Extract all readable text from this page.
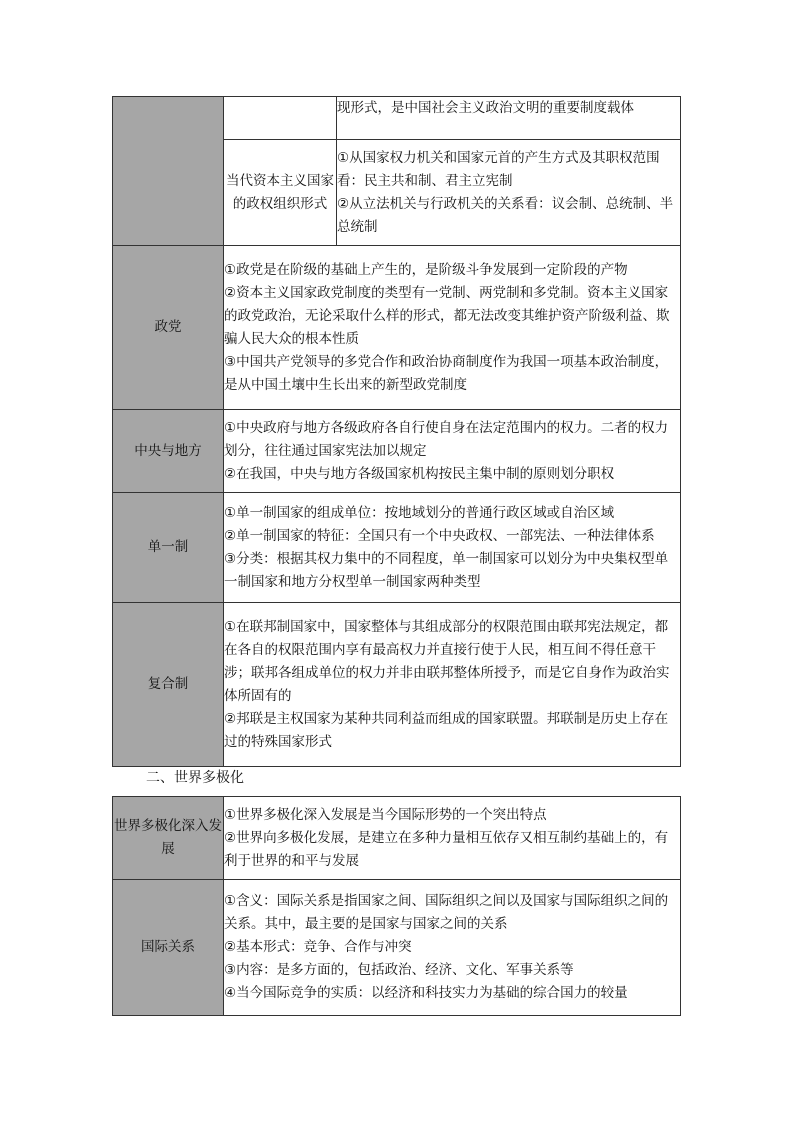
		现形式，是中国社会主义政治文明的重要制度载体

	当代资本主义国家的政权组织形式	①从国家权力机关和国家元首的产生方式及其职权范围看：民主共和制、君主立宪制
②从立法机关与行政机关的关系看：议会制、总统制、半总统制

政党	①政党是在阶级的基础上产生的，是阶级斗争发展到一定阶段的产物
②资本主义国家政党制度的类型有一党制、两党制和多党制。资本主义国家的政党政治，无论采取什么样的形式，都无法改变其维护资产阶级利益、欺骗人民大众的根本性质
③中国共产党领导的多党合作和政治协商制度作为我国一项基本政治制度，是从中国土壤中生长出来的新型政党制度	

中央与地方	①中央政府与地方各级政府各自行使自身在法定范围内的权力。二者的权力划分，往往通过国家宪法加以规定
②在我国，中央与地方各级国家机构按民主集中制的原则划分职权	

单一制	①单一制国家的组成单位：按地域划分的普通行政区域或自治区域
②单一制国家的特征：全国只有一个中央政权、一部宪法、一种法律体系
③分类：根据其权力集中的不同程度，单一制国家可以划分为中央集权型单一制国家和地方分权型单一制国家两种类型	

复合制	①在联邦制国家中，国家整体与其组成部分的权限范围由联邦宪法规定，都在各自的权限范围内享有最高权力并直接行使于人民，相互间不得任意干涉；联邦各组成单位的权力并非由联邦整体所授予，而是它自身作为政治实体所固有的
②邦联是主权国家为某种共同利益而组成的国家联盟。邦联制是历史上存在过的特殊国家形式	
二、世界多极化
世界多极化深入发展	①世界多极化深入发展是当今国际形势的一个突出特点
②世界向多极化发展，是建立在多种力量相互依存又相互制约基础上的，有利于世界的和平与发展

国际关系	①含义：国际关系是指国家之间、国际组织之间以及国家与国际组织之间的关系。其中，最主要的是国家与国家之间的关系
②基本形式：竞争、合作与冲突
③内容：是多方面的，包括政治、经济、文化、军事关系等
④当今国际竞争的实质：以经济和科技实力为基础的综合国力的较量
